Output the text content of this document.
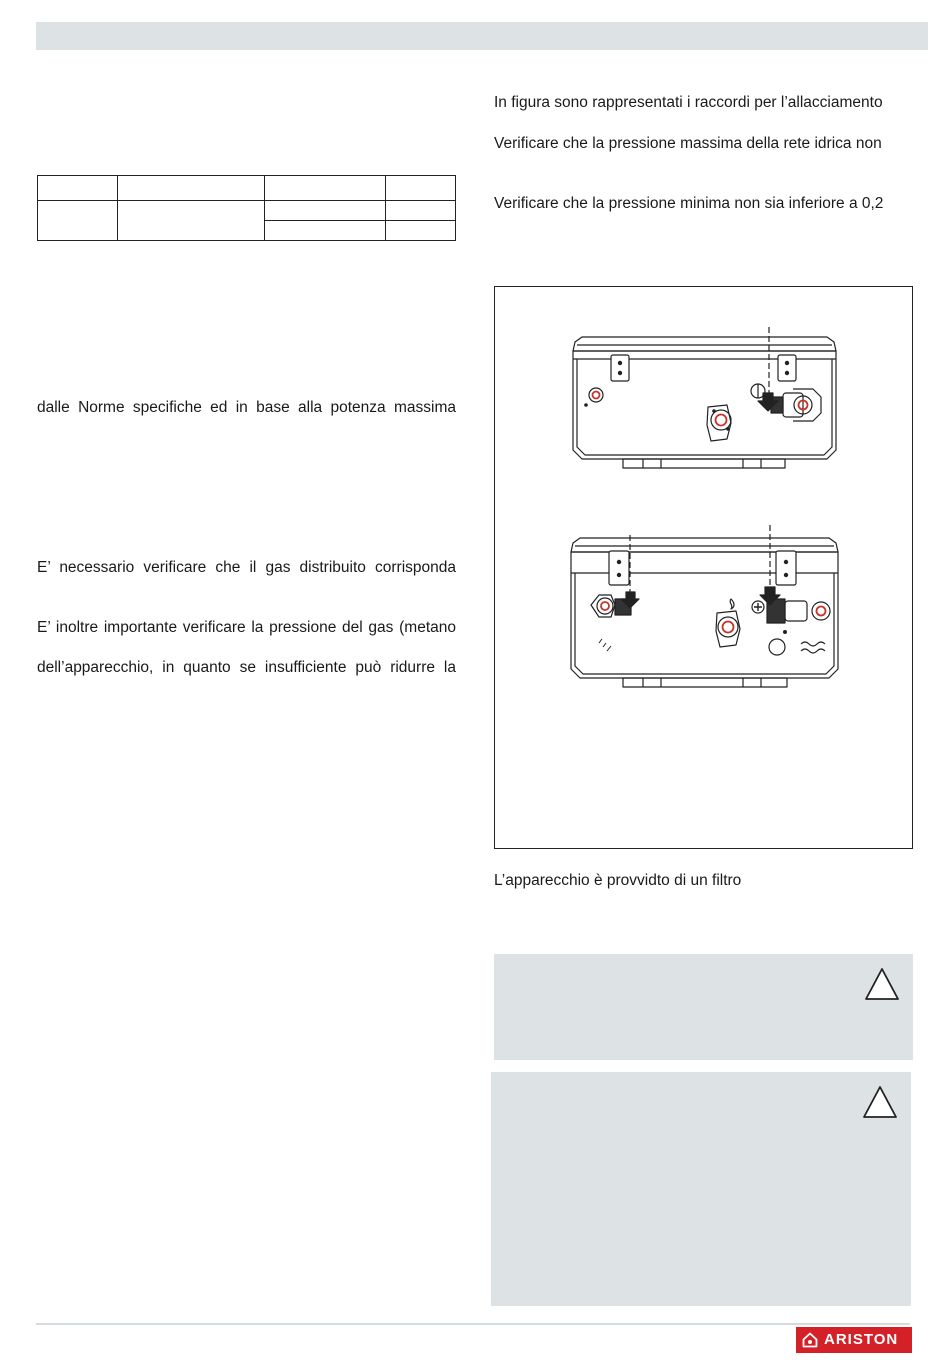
dalle Norme specifiche ed in base alla potenza massima
E’ necessario verificare che il gas distribuito corrisponda
E’ inoltre importante verificare la pressione del gas (metano
dell’apparecchio, in quanto se insufficiente può ridurre la
In figura sono rappresentati i raccordi per l’allacciamento
Verificare che la pressione massima della rete idrica non
Verificare che la pressione minima non sia inferiore a 0,2
L’apparecchio è provvidto di un filtro
ARISTON
